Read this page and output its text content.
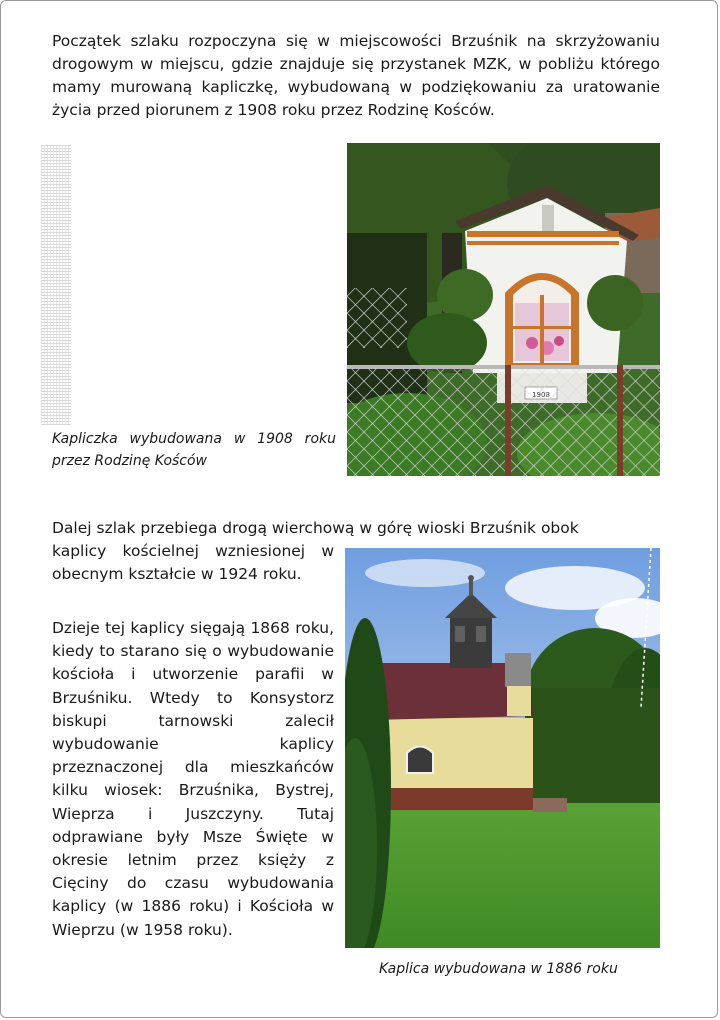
Początek szlaku rozpoczyna się w miejscowości Brzuśnik na skrzyżowaniu drogowym w miejscu, gdzie znajduje się przystanek MZK, w pobliżu którego mamy murowaną kapliczkę, wybudowaną w podziękowaniu za uratowanie życia przed piorunem z 1908 roku przez Rodzinę Kośców.

Kapliczka wybudowana w 1908 roku przez Rodzinę Kośców

Dalej szlak przebiega drogą wierchową w górę wioski Brzuśnik obok

kaplicy kościelnej wzniesionej w obecnym kształcie w 1924 roku.

Dzieje tej kaplicy sięgają 1868 roku, kiedy to starano się o wybudowanie kościoła i utworzenie parafii w Brzuśniku. Wtedy to Konsystorz biskupi tarnowski zalecił wybudowanie kaplicy przeznaczonej dla mieszkańców kilku wiosek: Brzuśnika, Bystrej, Wieprza i Juszczyny. Tutaj odprawiane były Msze Święte w okresie letnim przez księży z Cięciny do czasu wybudowania kaplicy (w 1886 roku) i Kościoła w Wieprzu (w 1958 roku).

Kaplica wybudowana w 1886 roku
